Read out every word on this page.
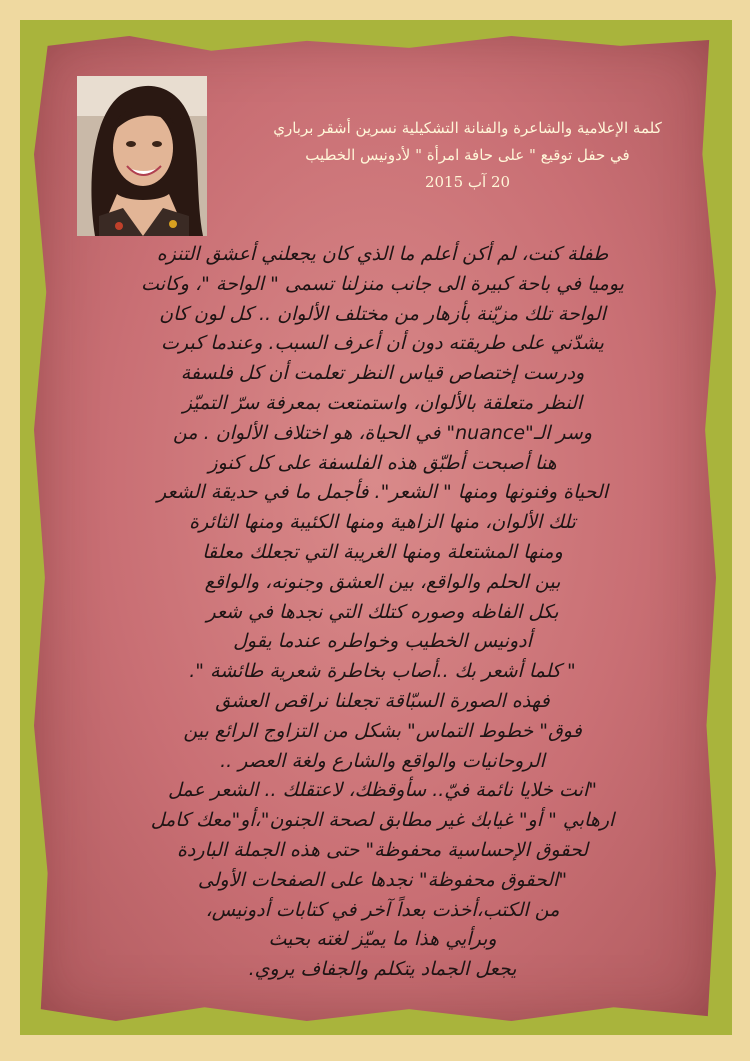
كلمة الإعلامية والشاعرة والفنانة التشكيلية نسرين أشقر برباري
في حفل توقيع " على حافة امرأة " لأدونيس الخطيب
20 آب 2015
طفلة كنت، لم أكن أعلم ما الذي كان يجعلني أعشق التنزه
يوميا في باحة كبيرة الى جانب منزلنا تسمى " الواحة "، وكانت
الواحة تلك مزيّنة بأزهار من مختلف الألوان .. كل لون كان
يشدّني على طريقته دون أن أعرف السبب. وعندما كبرت
ودرست إختصاص قياس النظر تعلمت أن كل فلسفة
النظر متعلقة بالألوان، واستمتعت بمعرفة سرّ التميّز
وسر الـ"nuance" في الحياة، هو اختلاف الألوان . من
هنا أصبحت أطبّق هذه الفلسفة على كل كنوز
الحياة وفنونها ومنها " الشعر". فأجمل ما في حديقة الشعر
تلك الألوان، منها الزاهية ومنها الكئيبة ومنها الثائرة
ومنها المشتعلة ومنها الغريبة التي تجعلك معلقا
بين الحلم والواقع، بين العشق وجنونه، والواقع
بكل الفاظه وصوره كتلك التي نجدها في شعر
أدونيس الخطيب وخواطره عندما يقول
" كلما أشعر بك ..أصاب بخاطرة شعرية طائشة ".
فهذه الصورة السبّاقة تجعلنا نراقص العشق
فوق" خطوط التماس" بشكل من التزاوج الرائع بين
الروحانيات والواقع والشارع ولغة العصر ..
"انت خلايا نائمة فيّ.. سأوقظك، لاعتقلك .. الشعر عمل
ارهابي " أو" غيابك غير مطابق لصحة الجنون"،أو"معك كامل
لحقوق الإحساسية محفوظة" حتى هذه الجملة الباردة
"الحقوق محفوظة" نجدها على الصفحات الأولى
من الكتب،أخذت بعداً آخر في كتابات أدونيس،
وبرأيي هذا ما يميّز لغته بحيث
يجعل الجماد يتكلم والجفاف يروي.
